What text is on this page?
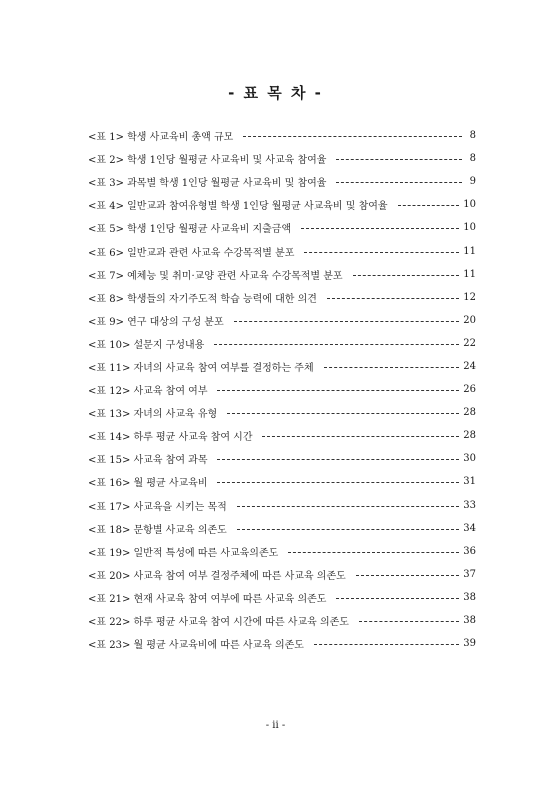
- 표 목 차 -
<표 1> 학생 사교육비 총액 규모	8
<표 2> 학생 1인당 월평균 사교육비 및 사교육 참여율	8
<표 3> 과목별 학생 1인당 월평균 사교육비 및 참여율	9
<표 4> 일반교과 참여유형별 학생 1인당 월평균 사교육비 및 참여율	10
<표 5> 학생 1인당 월평균 사교육비 지출금액	10
<표 6> 일반교과 관련 사교육 수강목적별 분포	11
<표 7> 예체능 및 취미·교양 관련 사교육 수강목적별 분포	11
<표 8> 학생들의 자기주도적 학습 능력에 대한 의견	12
<표 9> 연구 대상의 구성 분포	20
<표 10> 설문지 구성내용	22
<표 11> 자녀의 사교육 참여 여부를 결정하는 주체	24
<표 12> 사교육 참여 여부	26
<표 13> 자녀의 사교육 유형	28
<표 14> 하루 평균 사교육 참여 시간	28
<표 15> 사교육 참여 과목	30
<표 16> 월 평균 사교육비	31
<표 17> 사교육을 시키는 목적	33
<표 18> 문항별 사교육 의존도	34
<표 19> 일반적 특성에 따른 사교육의존도	36
<표 20> 사교육 참여 여부 결정주체에 따른 사교육 의존도	37
<표 21> 현재 사교육 참여 여부에 따른 사교육 의존도	38
<표 22> 하루 평균 사교육 참여 시간에 따른 사교육 의존도	38
<표 23> 월 평균 사교육비에 따른 사교육 의존도	39
- ii -
